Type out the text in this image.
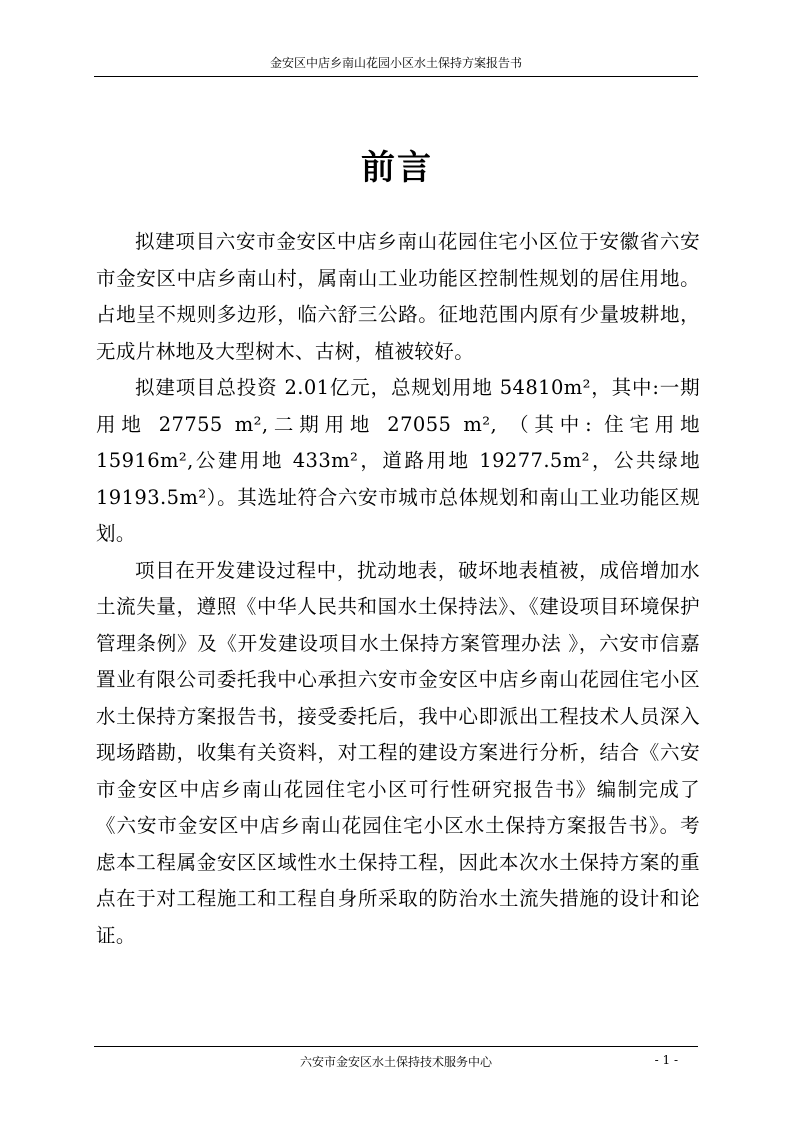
金安区中店乡南山花园小区水土保持方案报告书
前言

拟建项目六安市金安区中店乡南山花园住宅小区位于安徽省六安市金安区中店乡南山村，属南山工业功能区控制性规划的居住用地。占地呈不规则多边形，临六舒三公路。征地范围内原有少量坡耕地，无成片林地及大型树木、古树，植被较好。

拟建项目总投资 2.01亿元，总规划用地 54810m²，其中:一期用地 27755 m²,二期用地 27055 m², （其中: 住宅用地 15916m²,公建用地 433m²，道路用地 19277.5m²，公共绿地 19193.5m²）。其选址符合六安市城市总体规划和南山工业功能区规划。

项目在开发建设过程中，扰动地表，破坏地表植被，成倍增加水土流失量，遵照《中华人民共和国水土保持法》、《建设项目环境保护管理条例》及《开发建设项目水土保持方案管理办法 》，六安市信嘉置业有限公司委托我中心承担六安市金安区中店乡南山花园住宅小区水土保持方案报告书，接受委托后，我中心即派出工程技术人员深入现场踏勘，收集有关资料，对工程的建设方案进行分析，结合《六安市金安区中店乡南山花园住宅小区可行性研究报告书》编制完成了《六安市金安区中店乡南山花园住宅小区水土保持方案报告书》。考虑本工程属金安区区域性水土保持工程，因此本次水土保持方案的重点在于对工程施工和工程自身所采取的防治水土流失措施的设计和论证。

六安市金安区水土保持技术服务中心	- 1 -
